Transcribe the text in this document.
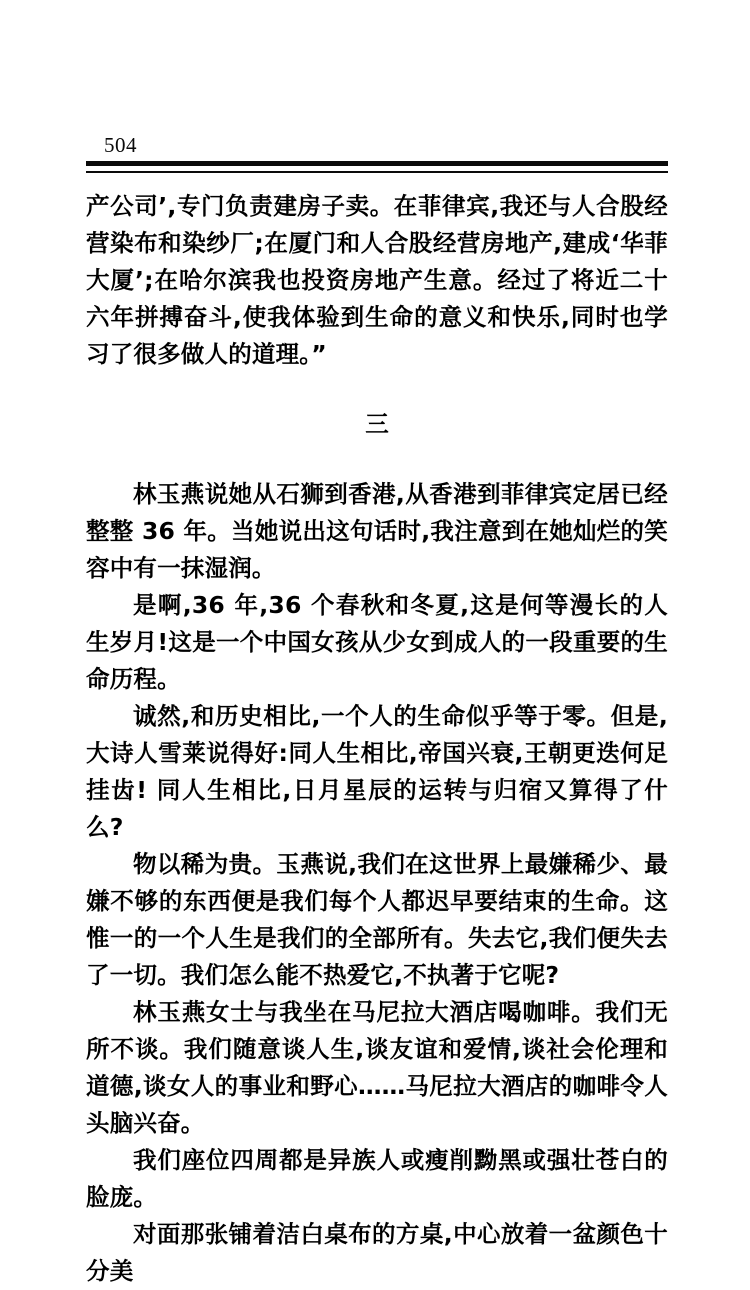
504

产公司’,专门负责建房子卖。在菲律宾,我还与人合股经营染布和染纱厂;在厦门和人合股经营房地产,建成‘华菲大厦’;在哈尔滨我也投资房地产生意。经过了将近二十六年拼搏奋斗,使我体验到生命的意义和快乐,同时也学习了很多做人的道理。”

三

林玉燕说她从石狮到香港,从香港到菲律宾定居已经整整 36 年。当她说出这句话时,我注意到在她灿烂的笑容中有一抹湿润。

是啊,36 年,36 个春秋和冬夏,这是何等漫长的人生岁月!这是一个中国女孩从少女到成人的一段重要的生命历程。

诚然,和历史相比,一个人的生命似乎等于零。但是,大诗人雪莱说得好:同人生相比,帝国兴衰,王朝更迭何足挂齿! 同人生相比,日月星辰的运转与归宿又算得了什么?

物以稀为贵。玉燕说,我们在这世界上最嫌稀少、最嫌不够的东西便是我们每个人都迟早要结束的生命。这惟一的一个人生是我们的全部所有。失去它,我们便失去了一切。我们怎么能不热爱它,不执著于它呢?

林玉燕女士与我坐在马尼拉大酒店喝咖啡。我们无所不谈。我们随意谈人生,谈友谊和爱情,谈社会伦理和道德,谈女人的事业和野心……马尼拉大酒店的咖啡令人头脑兴奋。

我们座位四周都是异族人或瘦削黝黑或强壮苍白的脸庞。

对面那张铺着洁白桌布的方桌,中心放着一盆颜色十分美
